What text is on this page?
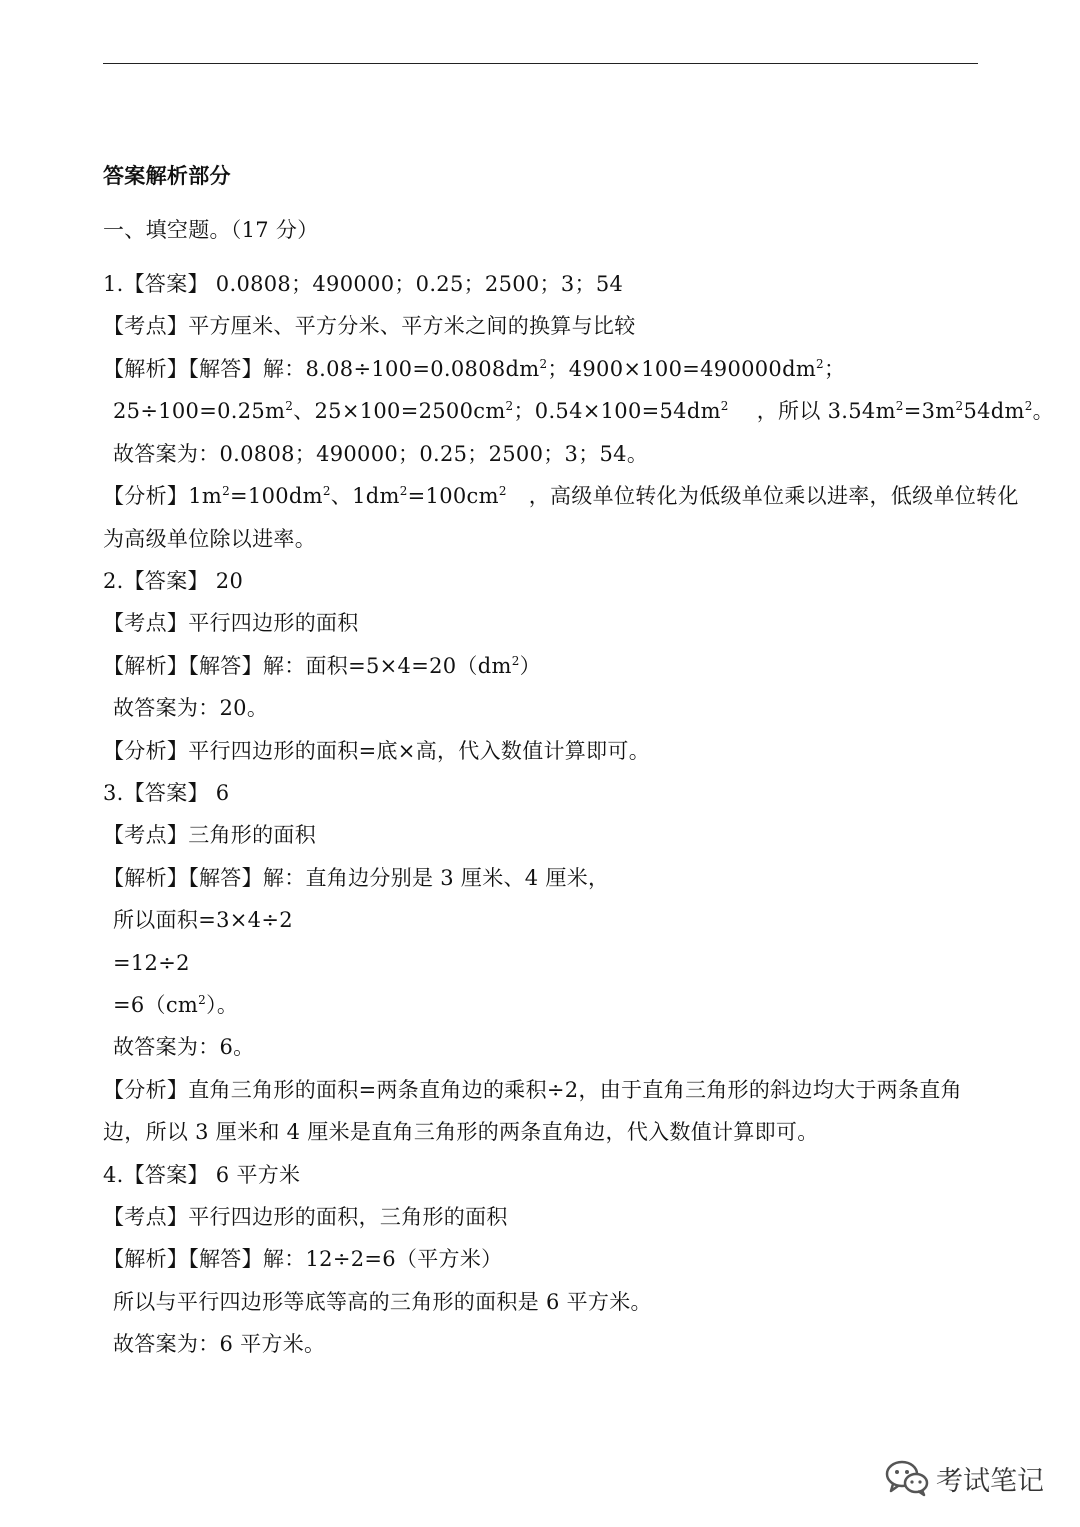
答案解析部分
一、填空题。（17 分）
1.【答案】 0.0808；490000；0.25；2500；3；54
【考点】平方厘米、平方分米、平方米之间的换算与比较
【解析】【解答】解：$8.08\div 100=0.0808dm^2$；$4900\times 100=490000dm^2$；
$25\div 100=0.25m^2$、$25\times 100=2500cm^2$；$0.54\times 100=54dm^2$ ，所以 $3.54m^2=3m^254dm^2$。
故答案为：0.0808；490000；0.25；2500；3；54。
【分析】$1m^2=100dm^2$、$1dm^2=100cm^2$ ，高级单位转化为低级单位乘以进率，低级单位转化
为高级单位除以进率。
2.【答案】 20
【考点】平行四边形的面积
【解析】【解答】解：面积$=5\times 4=20(dm^2)$
故答案为：20。
【分析】平行四边形的面积=底×高，代入数值计算即可。
3.【答案】 6
【考点】三角形的面积
【解析】【解答】解：直角边分别是 3 厘米、4 厘米，
所以面积=3×4÷2
=12÷2
$=6(cm^2)$。
故答案为：6。
【分析】直角三角形的面积=两条直角边的乘积÷2，由于直角三角形的斜边均大于两条直角
边，所以 3 厘米和 4 厘米是直角三角形的两条直角边，代入数值计算即可。
4.【答案】 6 平方米
【考点】平行四边形的面积，三角形的面积
【解析】【解答】解：12÷2=6（平方米）
所以与平行四边形等底等高的三角形的面积是 6 平方米。
故答案为：6 平方米。
考试笔记
